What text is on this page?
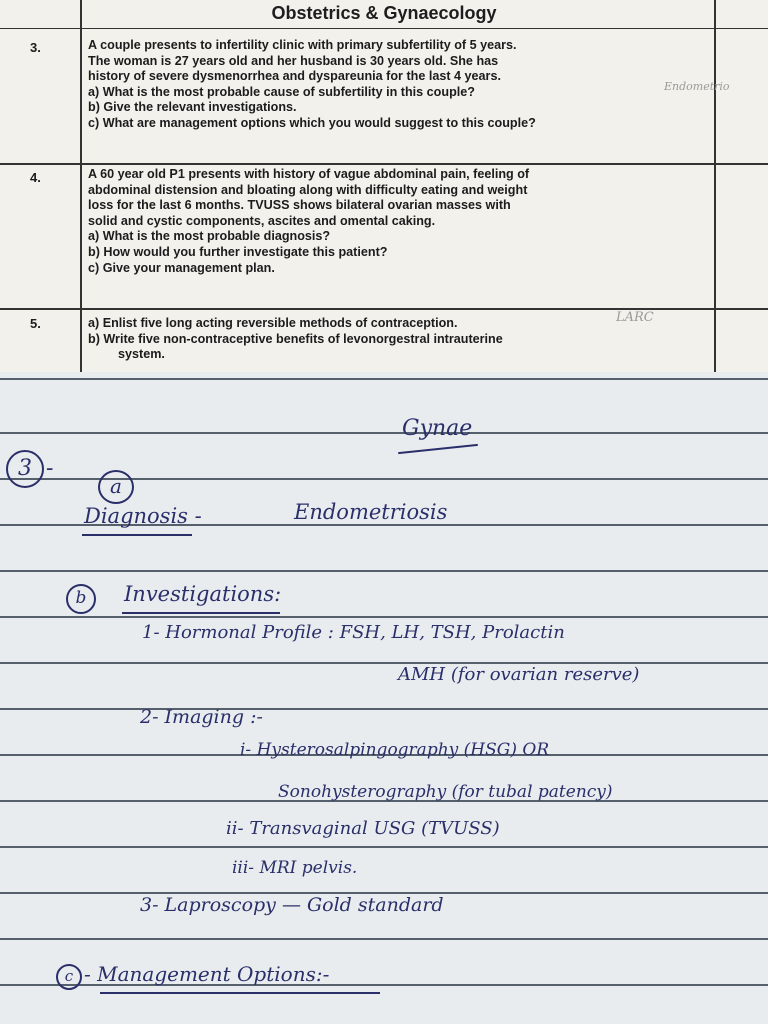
Obstetrics & Gynaecology
3.	A couple presents to infertility clinic with primary subfertility of 5 years.
The woman is 27 years old and her husband is 30 years old. She has
history of severe dysmenorrhea and dyspareunia for the last 4 years.
a) What is the most probable cause of subfertility in this couple?
b) Give the relevant investigations.
c) What are management options which you would suggest to this couple?
Endometrio
4.	A 60 year old P1 presents with history of vague abdominal pain, feeling of
abdominal distension and bloating along with difficulty eating and weight
loss for the last 6 months. TVUSS shows bilateral ovarian masses with
solid and cystic components, ascites and omental caking.
a) What is the most probable diagnosis?
b) How would you further investigate this patient?
c) Give your management plan.
5.	a) Enlist five long acting reversible methods of contraception.
b) Write five non-contraceptive benefits of levonorgestral intrauterine
system.
LARC
Gynae
3 -
a
Diagnosis -	Endometriosis
b	Investigations:
1- Hormonal Profile : FSH, LH, TSH, Prolactin
AMH (for ovarian reserve)
2- Imaging :-
i- Hysterosalpingography (HSG) OR
Sonohysterography (for tubal patency)
ii- Transvaginal USG (TVUSS)
iii- MRI pelvis.
3- Laproscopy — Gold standard
c - Management Options:-
